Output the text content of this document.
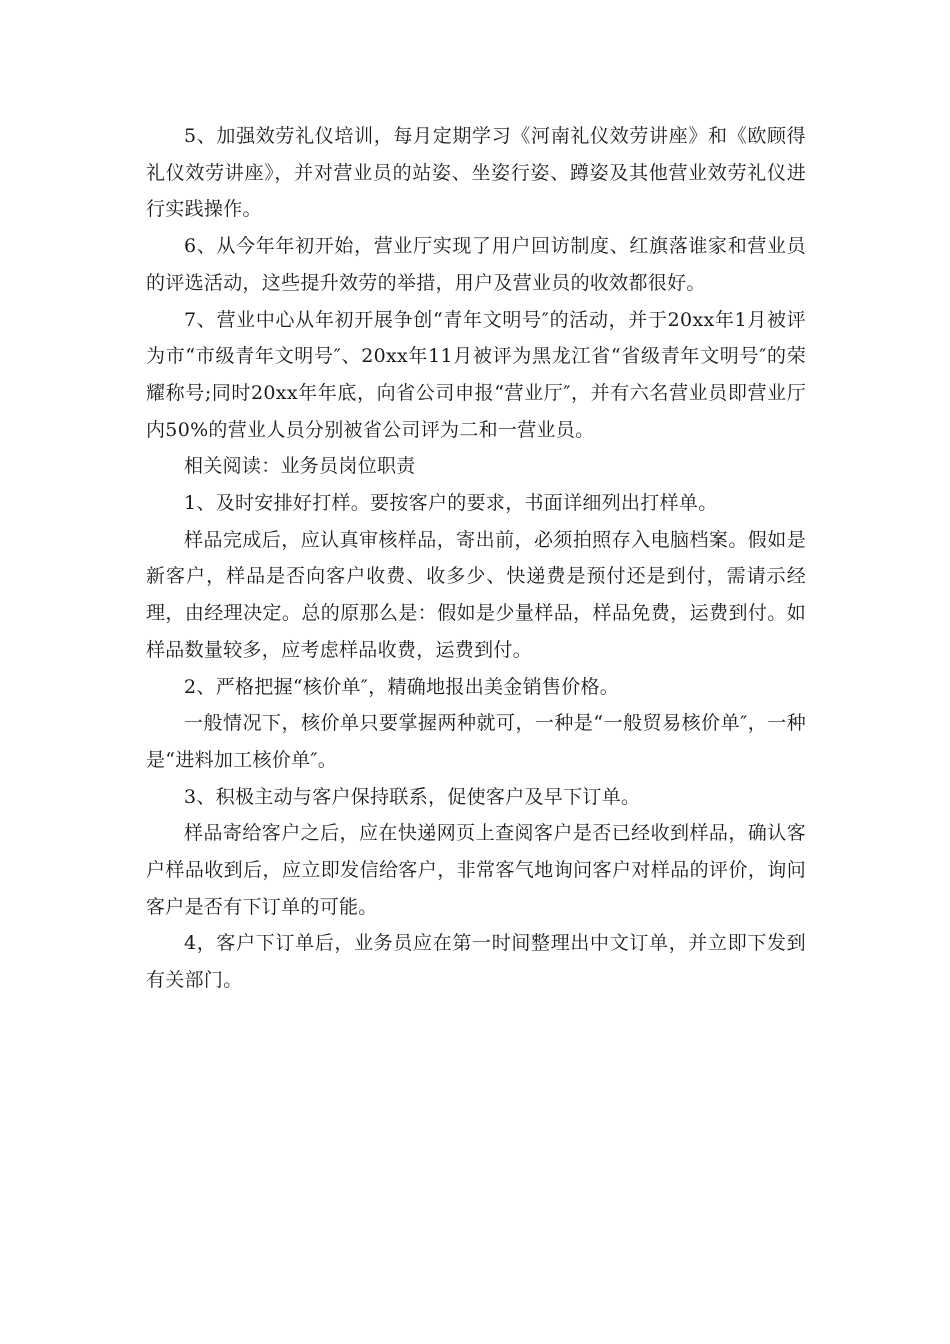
5、加强效劳礼仪培训，每月定期学习《河南礼仪效劳讲座》和《欧顾得礼仪效劳讲座》，并对营业员的站姿、坐姿行姿、蹲姿及其他营业效劳礼仪进行实践操作。

6、从今年年初开始，营业厅实现了用户回访制度、红旗落谁家和营业员的评选活动，这些提升效劳的举措，用户及营业员的收效都很好。

7、营业中心从年初开展争创“青年文明号″的活动，并于20xx年1月被评为市“市级青年文明号″、20xx年11月被评为黑龙江省“省级青年文明号″的荣耀称号;同时20xx年年底，向省公司申报“营业厅″，并有六名营业员即营业厅内50%的营业人员分别被省公司评为二和一营业员。

相关阅读：业务员岗位职责

1、及时安排好打样。要按客户的要求，书面详细列出打样单。

样品完成后，应认真审核样品，寄出前，必须拍照存入电脑档案。假如是新客户，样品是否向客户收费、收多少、快递费是预付还是到付，需请示经理，由经理决定。总的原那么是：假如是少量样品，样品免费，运费到付。如样品数量较多，应考虑样品收费，运费到付。

2、严格把握“核价单″，精确地报出美金销售价格。

一般情况下，核价单只要掌握两种就可，一种是“一般贸易核价单″，一种是“进料加工核价单″。

3、积极主动与客户保持联系，促使客户及早下订单。

样品寄给客户之后，应在快递网页上查阅客户是否已经收到样品，确认客户样品收到后，应立即发信给客户，非常客气地询问客户对样品的评价，询问客户是否有下订单的可能。

4，客户下订单后，业务员应在第一时间整理出中文订单，并立即下发到有关部门。
